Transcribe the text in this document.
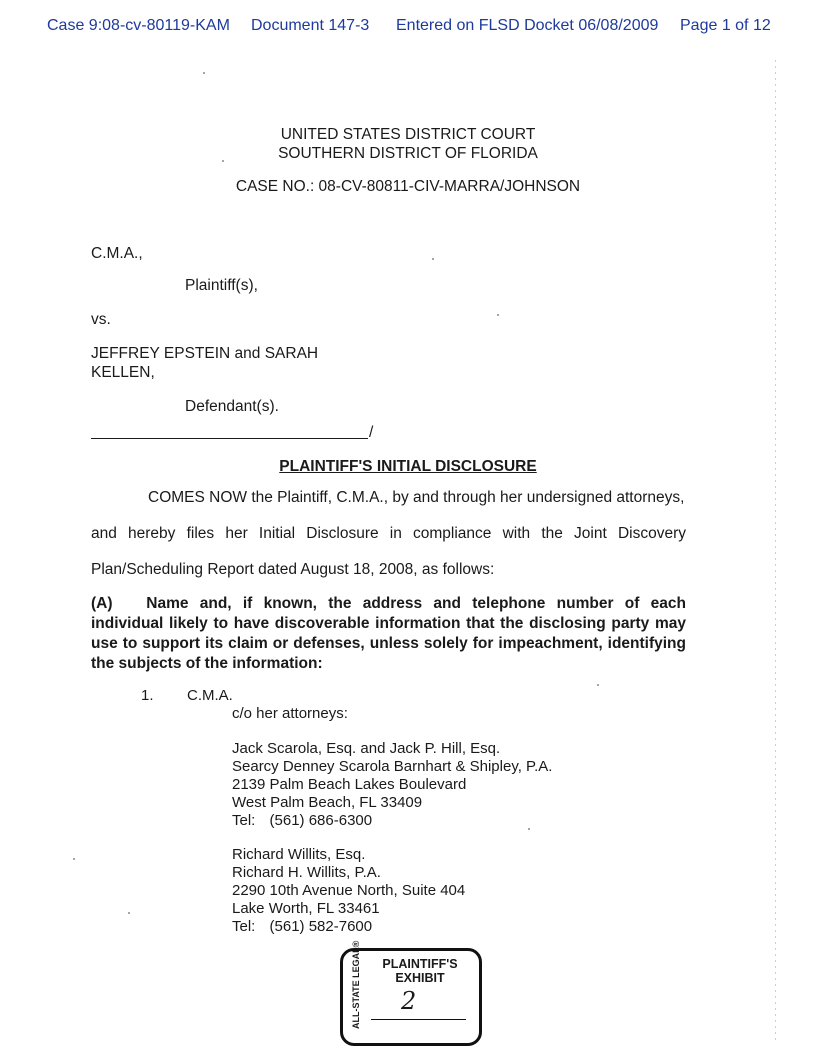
Case 9:08-cv-80119-KAM Document 147-3 Entered on FLSD Docket 06/08/2009 Page 1 of 12
UNITED STATES DISTRICT COURT
SOUTHERN DISTRICT OF FLORIDA
CASE NO.: 08-CV-80811-CIV-MARRA/JOHNSON
C.M.A.,
Plaintiff(s),
vs.
JEFFREY EPSTEIN and SARAH
KELLEN,
Defendant(s).
/
PLAINTIFF'S INITIAL DISCLOSURE
COMES NOW the Plaintiff, C.M.A., by and through her undersigned attorneys,
and hereby files her Initial Disclosure in compliance with the Joint Discovery
Plan/Scheduling Report dated August 18, 2008, as follows:
(A)   Name and, if known, the address and telephone number of each
individual likely to have discoverable information that the disclosing party may
use to support its claim or defenses, unless solely for impeachment, identifying
the subjects of the information:
1. C.M.A.
c/o her attorneys:
Jack Scarola, Esq. and Jack P. Hill, Esq.
Searcy Denney Scarola Barnhart & Shipley, P.A.
2139 Palm Beach Lakes Boulevard
West Palm Beach, FL 33409
Tel: (561) 686-6300
Richard Willits, Esq.
Richard H. Willits, P.A.
2290 10th Avenue North, Suite 404
Lake Worth, FL 33461
Tel: (561) 582-7600
ALL-STATE LEGAL®	PLAINTIFF'S
EXHIBIT
2
